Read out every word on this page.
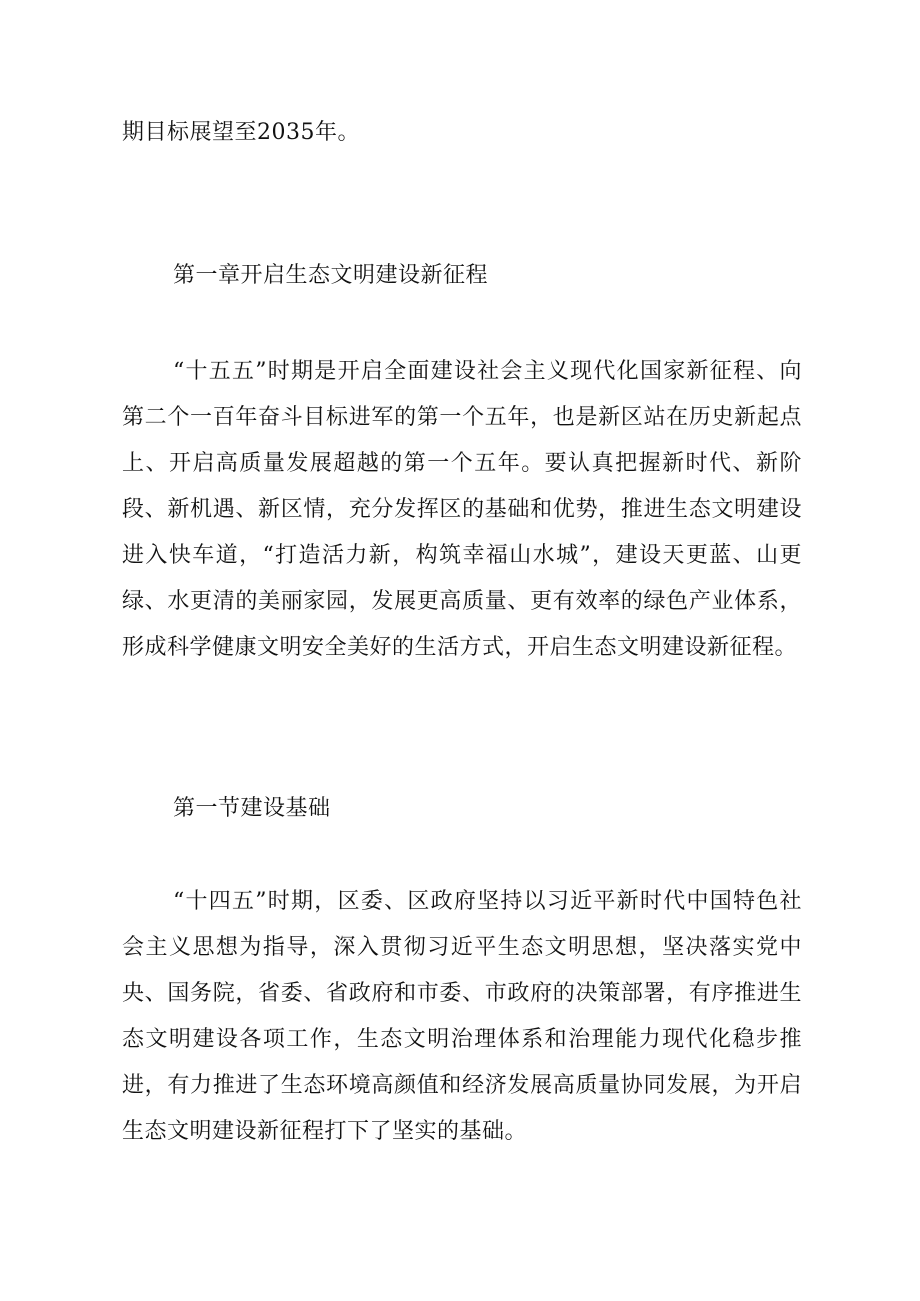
期目标展望至2035年。

第一章开启生态文明建设新征程

“十五五”时期是开启全面建设社会主义现代化国家新征程、向第二个一百年奋斗目标进军的第一个五年，也是新区站在历史新起点上、开启高质量发展超越的第一个五年。要认真把握新时代、新阶段、新机遇、新区情，充分发挥区的基础和优势，推进生态文明建设进入快车道，“打造活力新，构筑幸福山水城”，建设天更蓝、山更绿、水更清的美丽家园，发展更高质量、更有效率的绿色产业体系，形成科学健康文明安全美好的生活方式，开启生态文明建设新征程。

第一节建设基础

“十四五”时期，区委、区政府坚持以习近平新时代中国特色社会主义思想为指导，深入贯彻习近平生态文明思想，坚决落实党中央、国务院，省委、省政府和市委、市政府的决策部署，有序推进生态文明建设各项工作，生态文明治理体系和治理能力现代化稳步推进，有力推进了生态环境高颜值和经济发展高质量协同发展，为开启生态文明建设新征程打下了坚实的基础。
